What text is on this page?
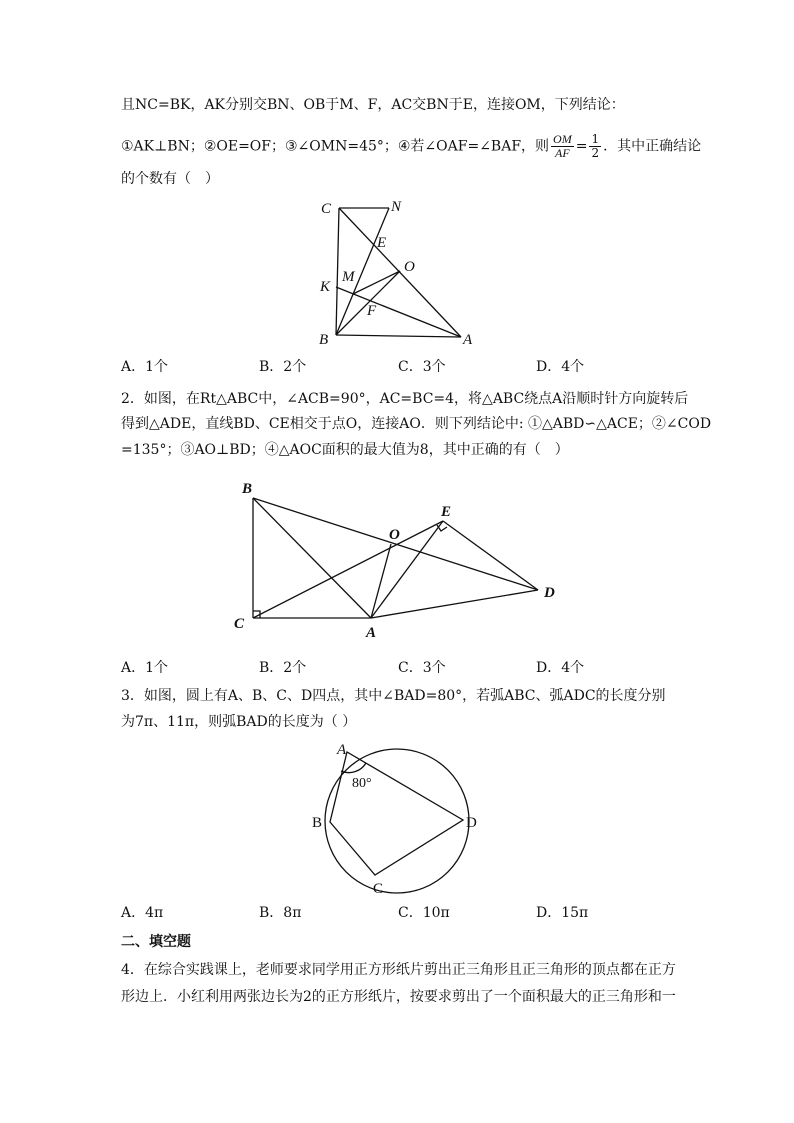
且NC=BK，AK分别交BN、OB于M、F，AC交BN于E，连接OM，下列结论：
①AK⊥BN；②OE=OF；③∠OMN=45°；④若∠OAF=∠BAF，则 $\frac{OM}{AF} = \frac{1}{2}$ ．其中正确结论
的个数有（　）
C	N
E
O
M
K
F
B	A
A．1个	B．2个	C．3个	D．4个
2．如图，在Rt△ABC中，∠ACB=90°，AC=BC=4，将△ABC绕点A沿顺时针方向旋转后
得到△ADE，直线BD、CE相交于点O，连接AO．则下列结论中: ①△ABD∽△ACE；②∠COD
=135°；③AO⊥BD；④△AOC面积的最大值为8，其中正确的有（　）
B
E
O
D
C
A
A．1个	B．2个	C．3个	D．4个
3．如图，圆上有A、B、C、D四点，其中∠BAD=80°，若弧ABC、弧ADC的长度分别
为7π、11π，则弧BAD的长度为（ ）
A
80°
B
C
D
A．4π	B．8π	C．10π	D．15π
二、填空题
4．在综合实践课上，老师要求同学用正方形纸片剪出正三角形且正三角形的顶点都在正方
形边上．小红利用两张边长为2的正方形纸片，按要求剪出了一个面积最大的正三角形和一
